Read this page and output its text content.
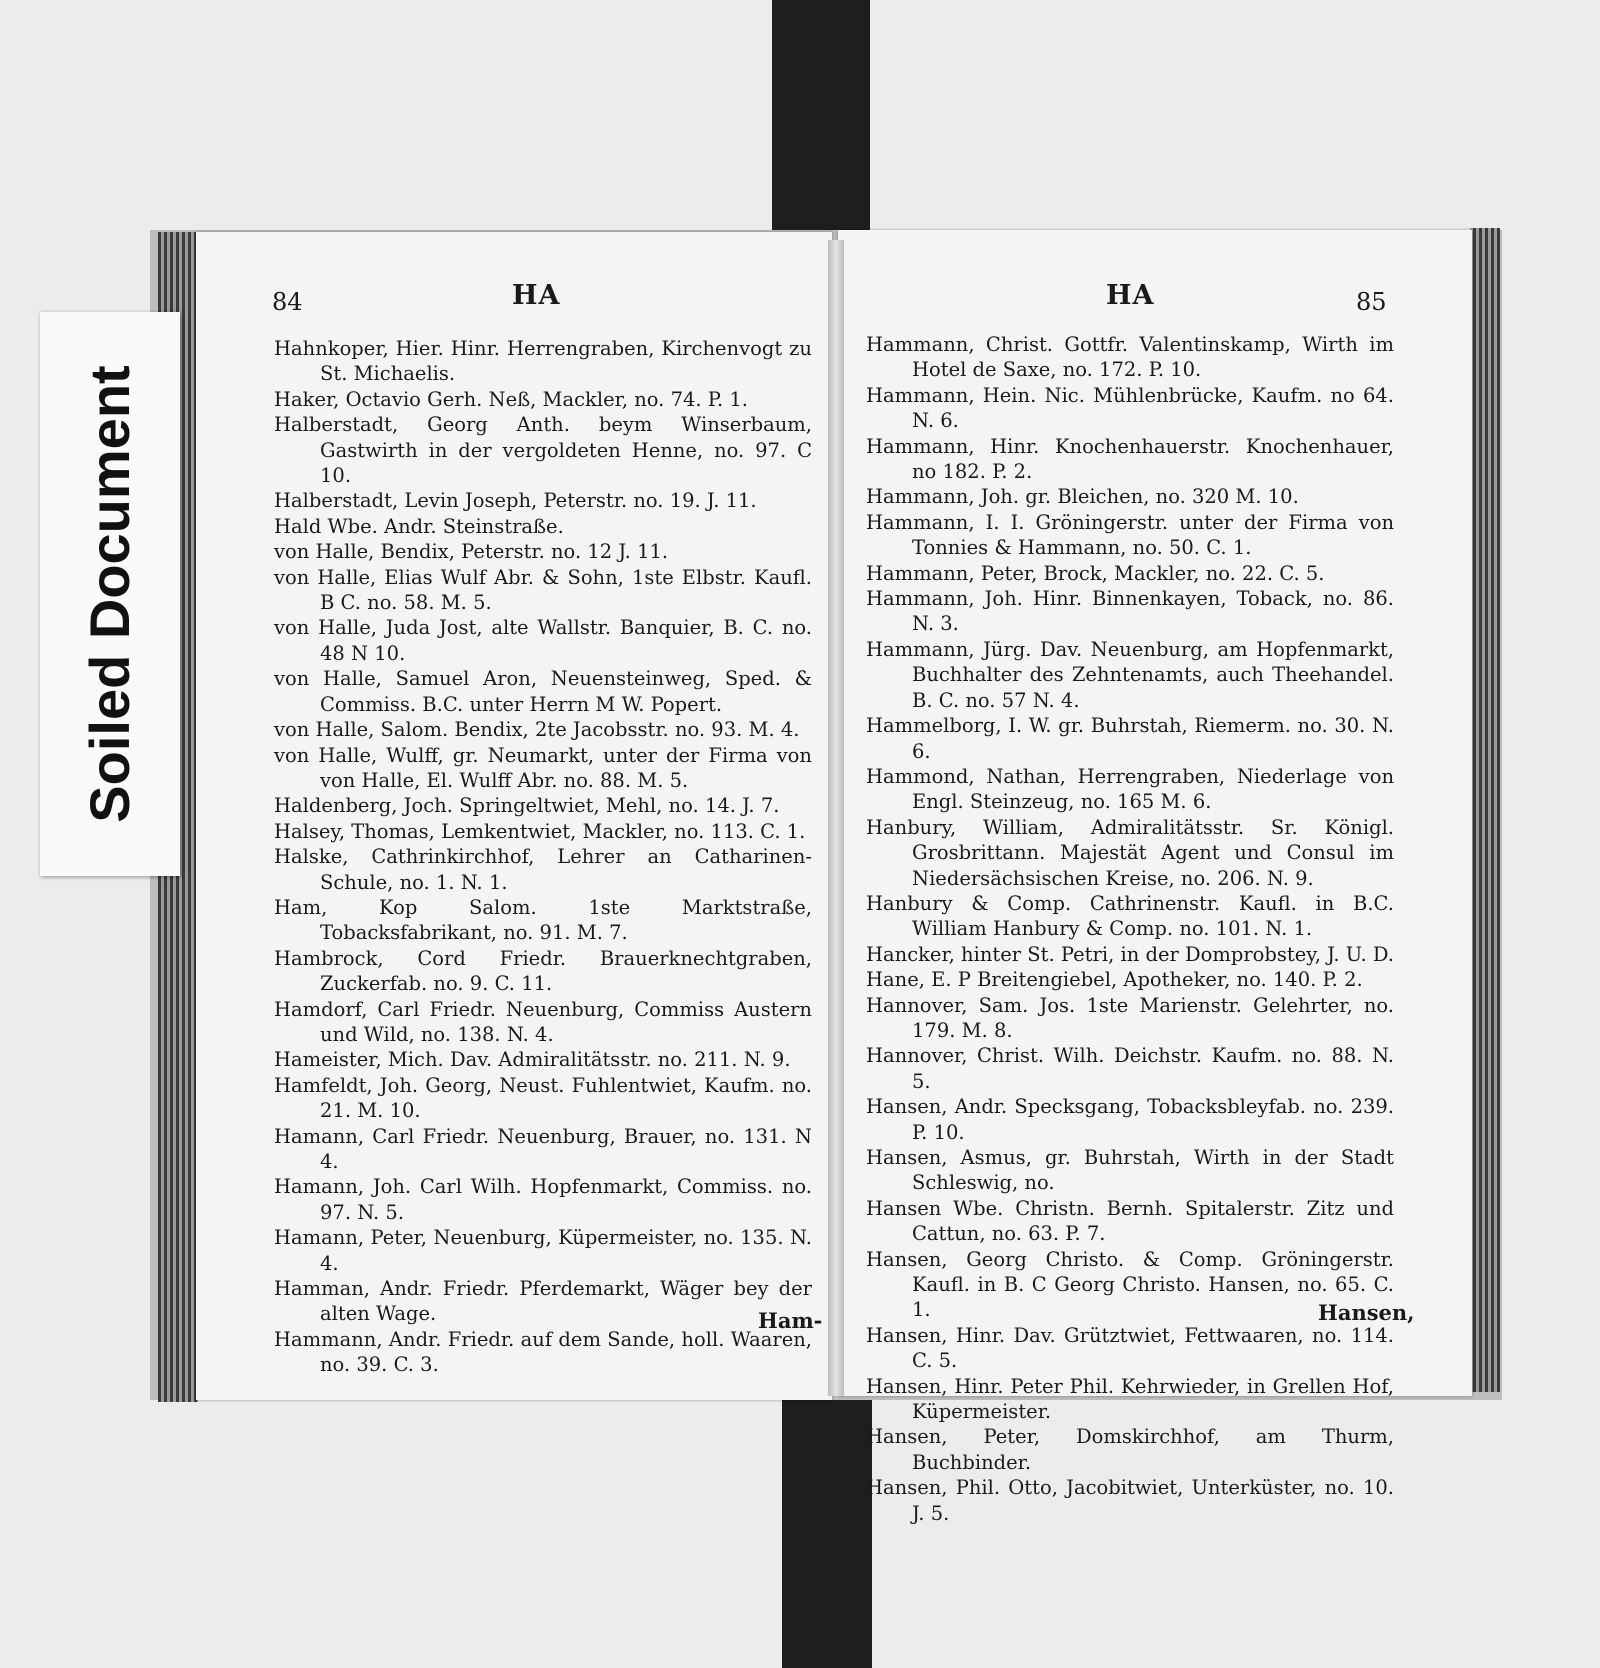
84	HA	HA	85
Hahnkoper, Hier. Hinr. Herrengraben, Kirchenvogt zu St. Michaelis.
Haker, Octavio Gerh. Neß, Mackler, no. 74. P. 1.
Halberstadt, Georg Anth. beym Winserbaum, Gastwirth in der vergoldeten Henne, no. 97. C 10.
Halberstadt, Levin Joseph, Peterstr. no. 19. J. 11.
Hald Wbe. Andr. Steinstraße.
von Halle, Bendix, Peterstr. no. 12 J. 11.
von Halle, Elias Wulf Abr. & Sohn, 1ste Elbstr. Kaufl. B C. no. 58. M. 5.
von Halle, Juda Jost, alte Wallstr. Banquier, B. C. no. 48 N 10.
von Halle, Samuel Aron, Neuensteinweg, Sped. & Commiss. B.C. unter Herrn M W. Popert.
von Halle, Salom. Bendix, 2te Jacobsstr. no. 93. M. 4.
von Halle, Wulff, gr. Neumarkt, unter der Firma von von Halle, El. Wulff Abr. no. 88. M. 5.
Haldenberg, Joch. Springeltwiet, Mehl, no. 14. J. 7.
Halsey, Thomas, Lemkentwiet, Mackler, no. 113. C. 1.
Halske, Cathrinkirchhof, Lehrer an Catharinen-Schule, no. 1. N. 1.
Ham, Kop Salom. 1ste Marktstraße, Tobacksfabrikant, no. 91. M. 7.
Hambrock, Cord Friedr. Brauerknechtgraben, Zuckerfab. no. 9. C. 11.
Hamdorf, Carl Friedr. Neuenburg, Commiss Austern und Wild, no. 138. N. 4.
Hameister, Mich. Dav. Admiralitätsstr. no. 211. N. 9.
Hamfeldt, Joh. Georg, Neust. Fuhlentwiet, Kaufm. no. 21. M. 10.
Hamann, Carl Friedr. Neuenburg, Brauer, no. 131. N 4.
Hamann, Joh. Carl Wilh. Hopfenmarkt, Commiss. no. 97. N. 5.
Hamann, Peter, Neuenburg, Küpermeister, no. 135. N. 4.
Hamman, Andr. Friedr. Pferdemarkt, Wäger bey der alten Wage.
Hammann, Andr. Friedr. auf dem Sande, holl. Waaren, no. 39. C. 3.
Hammann, Christ. Gottfr. Valentinskamp, Wirth im Hotel de Saxe, no. 172. P. 10.
Hammann, Hein. Nic. Mühlenbrücke, Kaufm. no 64. N. 6.
Hammann, Hinr. Knochenhauerstr. Knochenhauer, no 182. P. 2.
Hammann, Joh. gr. Bleichen, no. 320 M. 10.
Hammann, I. I. Gröningerstr. unter der Firma von Tonnies & Hammann, no. 50. C. 1.
Hammann, Peter, Brock, Mackler, no. 22. C. 5.
Hammann, Joh. Hinr. Binnenkayen, Toback, no. 86. N. 3.
Hammann, Jürg. Dav. Neuenburg, am Hopfenmarkt, Buchhalter des Zehntenamts, auch Theehandel. B. C. no. 57 N. 4.
Hammelborg, I. W. gr. Buhrstah, Riemerm. no. 30. N. 6.
Hammond, Nathan, Herrengraben, Niederlage von Engl. Steinzeug, no. 165 M. 6.
Hanbury, William, Admiralitätsstr. Sr. Königl. Grosbrittann. Majestät Agent und Consul im Niedersächsischen Kreise, no. 206. N. 9.
Hanbury & Comp. Cathrinenstr. Kaufl. in B.C. William Hanbury & Comp. no. 101. N. 1.
Hancker, hinter St. Petri, in der Domprobstey, J. U. D.
Hane, E. P Breitengiebel, Apotheker, no. 140. P. 2.
Hannover, Sam. Jos. 1ste Marienstr. Gelehrter, no. 179. M. 8.
Hannover, Christ. Wilh. Deichstr. Kaufm. no. 88. N. 5.
Hansen, Andr. Specksgang, Tobacksbleyfab. no. 239. P. 10.
Hansen, Asmus, gr. Buhrstah, Wirth in der Stadt Schleswig, no.
Hansen Wbe. Christn. Bernh. Spitalerstr. Zitz und Cattun, no. 63. P. 7.
Hansen, Georg Christo. & Comp. Gröningerstr. Kaufl. in B. C Georg Christo. Hansen, no. 65. C. 1.
Hansen, Hinr. Dav. Grütztwiet, Fettwaaren, no. 114. C. 5.
Hansen, Hinr. Peter Phil. Kehrwieder, in Grellen Hof, Küpermeister.
Hansen, Peter, Domskirchhof, am Thurm, Buchbinder.
Hansen, Phil. Otto, Jacobitwiet, Unterküster, no. 10. J. 5.
Ham-	Hansen,
Soiled Document
